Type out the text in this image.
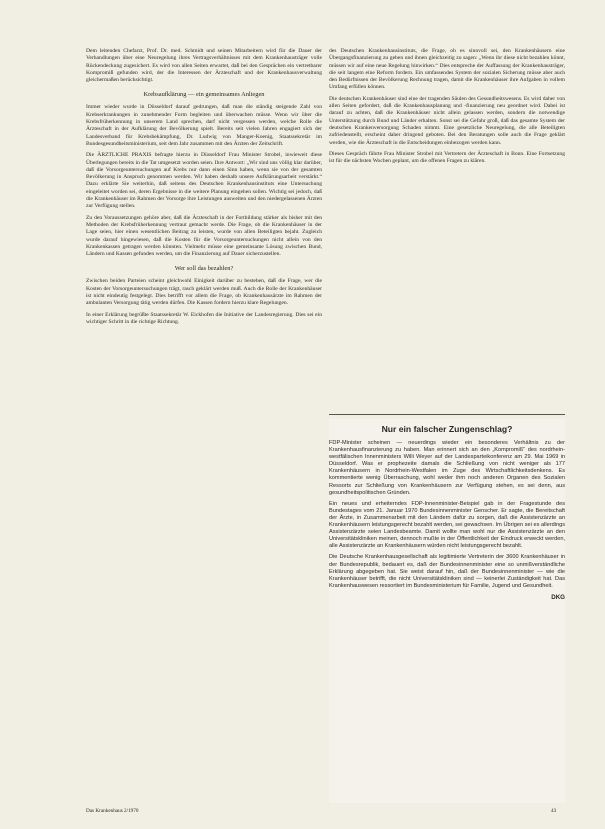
Dem leitenden Chefarzt, Prof. Dr. med. Schmidt und seinen Mitarbeitern wird für die Dauer der Verhandlungen über eine Neuregelung ihres Vertragsverhältnisses mit dem Krankenhausträger volle Rückendeckung zugesichert. Es wird von allen Seiten erwartet, daß bei den Gesprächen ein vertretbarer Kompromiß gefunden wird, der die Interessen der Ärzteschaft und der Krankenhausverwaltung gleichermaßen berücksichtigt.

Krebsaufklärung — ein gemeinsames Anliegen

Immer wieder wurde in Düsseldorf darauf gedrungen, daß man die ständig steigende Zahl von Krebserkrankungen in zunehmender Form begleiten und überwachen müsse. Wenn wir über die Krebsfrüherkennung in unserem Land sprechen, darf nicht vergessen werden, welche Rolle die Ärzteschaft in der Aufklärung der Bevölkerung spielt. Bereits seit vielen Jahren engagiert sich der Landesverband für Krebsbekämpfung, Dr. Ludwig von Manger-Koenig, Staatssekretär im Bundesgesundheitsministerium, seit dem Jahr zusammen mit den Ärzten der Zeitschrift.

Die ÄRZTLICHE PRAXIS befragte hierzu in Düsseldorf Frau Minister Strobel, inwieweit diese Überlegungen bereits in die Tat umgesetzt worden seien. Ihre Antwort: „Wir sind uns völlig klar darüber, daß die Vorsorgeuntersuchungen auf Krebs nur dann einen Sinn haben, wenn sie von der gesamten Bevölkerung in Anspruch genommen werden. Wir haben deshalb unsere Aufklärungsarbeit verstärkt.“ Dazu erklärte Sie weiterhin, daß seitens des Deutschen Krankenhausinstituts eine Untersuchung eingeleitet worden sei, deren Ergebnisse in die weitere Planung eingehen sollen. Wichtig sei jedoch, daß die Krankenhäuser im Rahmen der Vorsorge ihre Leistungen ausweiten und den niedergelassenen Ärzten zur Verfügung stellen.

Zu den Voraussetzungen gehöre aber, daß die Ärzteschaft in der Fortbildung stärker als bisher mit den Methoden der Krebsfrüherkennung vertraut gemacht werde. Die Frage, ob die Krankenhäuser in der Lage seien, hier einen wesentlichen Beitrag zu leisten, wurde von allen Beteiligten bejaht. Zugleich wurde darauf hingewiesen, daß die Kosten für die Vorsorgeuntersuchungen nicht allein von den Krankenkassen getragen werden könnten. Vielmehr müsse eine gemeinsame Lösung zwischen Bund, Ländern und Kassen gefunden werden, um die Finanzierung auf Dauer sicherzustellen.

Wer soll das bezahlen?

Zwischen beiden Parteien scheint gleichwohl Einigkeit darüber zu bestehen, daß die Frage, wer die Kosten der Vorsorgeuntersuchungen trägt, rasch geklärt werden muß. Auch die Rolle der Krankenhäuser ist nicht eindeutig festgelegt. Dies betrifft vor allem die Frage, ob Krankenhausärzte im Rahmen der ambulanten Versorgung tätig werden dürfen. Die Kassen fordern hierzu klare Regelungen.

In einer Erklärung begrüßte Staatssekretär W. Eickhofen die Initiative der Landesregierung. Dies sei ein wichtiger Schritt in die richtige Richtung.

des Deutschen Krankenhausinstituts, die Frage, ob es sinnvoll sei, den Krankenhäusern eine Übergangsfinanzierung zu geben und ihnen gleichzeitig zu sagen: „Wenn ihr diese nicht bezahlen könnt, müssen wir auf eine neue Regelung hinwirken.“ Dies entspreche der Auffassung der Krankenhausträger, die seit langem eine Reform fordern. Ein umfassendes System der sozialen Sicherung müsse aber auch den Bedürfnissen der Bevölkerung Rechnung tragen, damit die Krankenhäuser ihre Aufgaben in vollem Umfang erfüllen können.

Die deutschen Krankenhäuser sind eine der tragenden Säulen des Gesundheitswesens. Es wird daher von allen Seiten gefordert, daß die Krankenhausplanung und -finanzierung neu geordnet wird. Dabei ist darauf zu achten, daß die Krankenhäuser nicht allein gelassen werden, sondern die notwendige Unterstützung durch Bund und Länder erhalten. Sonst sei die Gefahr groß, daß das gesamte System der deutschen Krankenversorgung Schaden nimmt. Eine gesetzliche Neuregelung, die alle Beteiligten zufriedenstellt, erscheint daher dringend geboten. Bei den Beratungen solle auch die Frage geklärt werden, wie die Ärzteschaft in die Entscheidungen einbezogen werden kann.

Dieses Gespräch führte Frau Minister Strobel mit Vertretern der Ärzteschaft in Bonn. Eine Fortsetzung ist für die nächsten Wochen geplant, um die offenen Fragen zu klären.

Nur ein falscher Zungenschlag?

FDP-Minister scheinen — neuerdings wieder ein besonderes Verhältnis zu der Krankenhausfinanzierung zu haben. Man erinnert sich an den „Kompromiß“ des nordrhein-westfälischen Innenministers Willi Weyer auf der Landesparteikonferenz am 29. Mai 1969 in Düsseldorf. Was er prophezeite damals die Schließung von nicht weniger als 177 Krankenhäusern in Nordrhein-Westfalen im Zuge des Wirtschaftlichkeitsdenkens. Es kommentierte wenig Überraschung, wohl weder ihm noch anderen Organen des Sozialen Ressorts zur Schließung von Krankenhäusern zur Verfügung stehen, es sei denn, aus gesundheitspolitischen Gründen.

Ein neues und erheiterndes FDP-Innenminister-Beispiel gab in der Fragestunde des Bundestages vom 21. Januar 1970 Bundesinnenminister Genscher. Er sagte, die Bereitschaft der Ärzte, in Zusammenarbeit mit den Ländern dafür zu sorgen, daß die Assistenzärzte an Krankenhäusern leistungsgerecht bezahlt werden, sei gewachsen. Im Übrigen sei es allerdings Assistenzärzte seien Landesbeamte. Damit wollte man wohl nur die Assistenzärzte an den Universitätskliniken meinen, dennoch mußte in der Öffentlichkeit der Eindruck erweckt werden, alle Assistenzärzte an Krankenhäusern würden nicht leistungsgerecht bezahlt.

Die Deutsche Krankenhausgesellschaft als legitimierte Vertreterin der 3600 Krankenhäuser in der Bundesrepublik, bedauert es, daß der Bundesinnenminister eine so unmißverständliche Erklärung abgegeben hat. Sie weist darauf hin, daß der Bundesinnenminister — wie die Krankenhäuser betrifft, die nicht Universitätskliniken sind — keinerlei Zuständigkeit hat. Das Krankenhauswesen ressortiert im Bundesministerium für Familie, Jugend und Gesundheit.

DKG
Das Krankenhaus 2/1970	43
